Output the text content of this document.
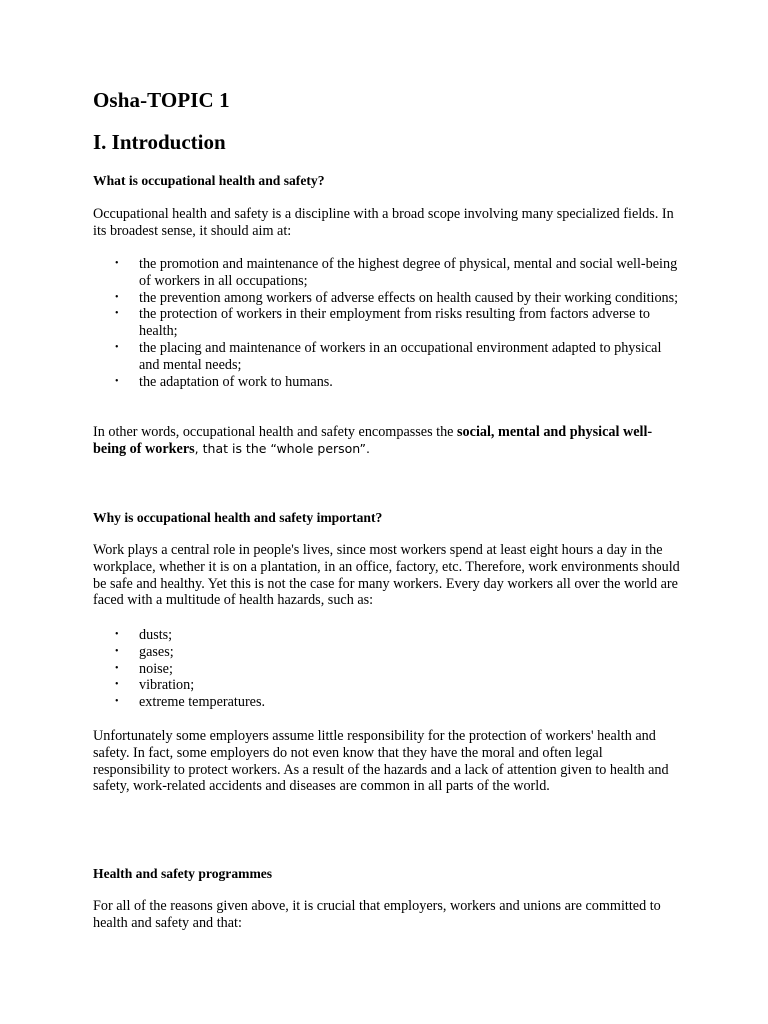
Osha-TOPIC 1
I. Introduction
What is occupational health and safety?

Occupational health and safety is a discipline with a broad scope involving many specialized fields. In its broadest sense, it should aim at:

• the promotion and maintenance of the highest degree of physical, mental and social well-being of workers in all occupations;
• the prevention among workers of adverse effects on health caused by their working conditions;
• the protection of workers in their employment from risks resulting from factors adverse to health;
• the placing and maintenance of workers in an occupational environment adapted to physical and mental needs;
• the adaptation of work to humans.

In other words, occupational health and safety encompasses the social, mental and physical well-being of workers, that is the “whole person”.

Why is occupational health and safety important?

Work plays a central role in people's lives, since most workers spend at least eight hours a day in the workplace, whether it is on a plantation, in an office, factory, etc. Therefore, work environments should be safe and healthy. Yet this is not the case for many workers. Every day workers all over the world are faced with a multitude of health hazards, such as:

• dusts;
• gases;
• noise;
• vibration;
• extreme temperatures.

Unfortunately some employers assume little responsibility for the protection of workers' health and safety. In fact, some employers do not even know that they have the moral and often legal responsibility to protect workers. As a result of the hazards and a lack of attention given to health and safety, work-related accidents and diseases are common in all parts of the world.

Health and safety programmes

For all of the reasons given above, it is crucial that employers, workers and unions are committed to health and safety and that:
